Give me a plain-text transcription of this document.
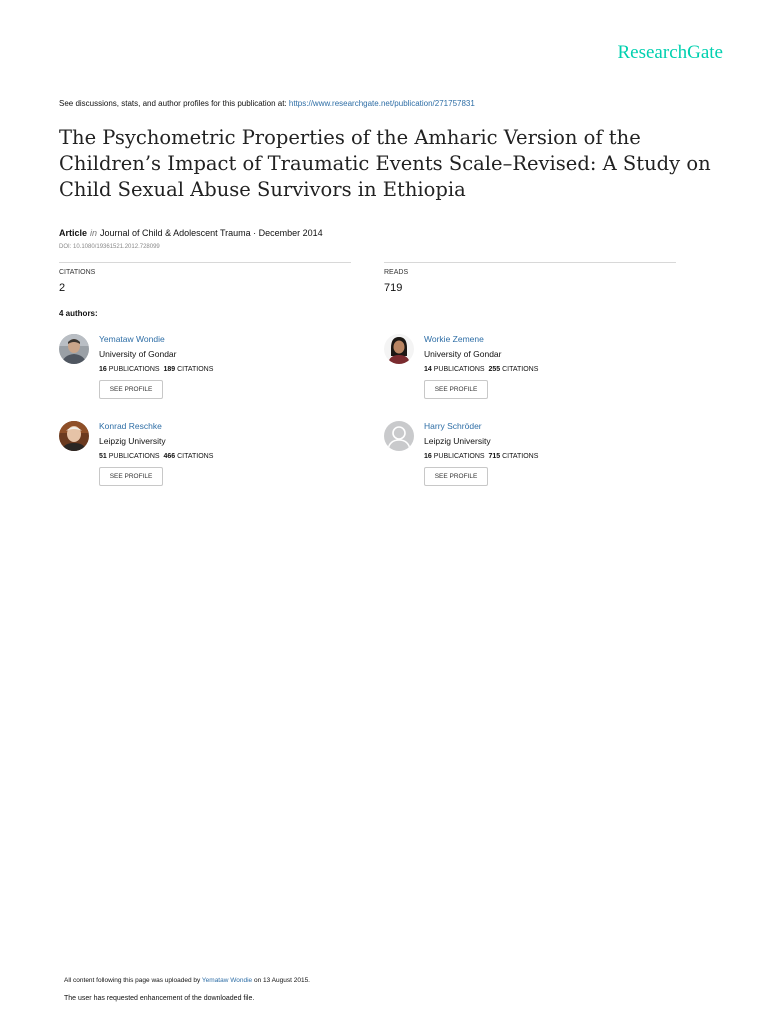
ResearchGate
See discussions, stats, and author profiles for this publication at: https://www.researchgate.net/publication/271757831
The Psychometric Properties of the Amharic Version of the Children’s Impact of Traumatic Events Scale–Revised: A Study on Child Sexual Abuse Survivors in Ethiopia
Article in Journal of Child & Adolescent Trauma · December 2014
DOI: 10.1080/19361521.2012.728099
CITATIONS
2
READS
719
4 authors:
Yemataw Wondie
University of Gondar
16 PUBLICATIONS 189 CITATIONS
SEE PROFILE
Workie Zemene
University of Gondar
14 PUBLICATIONS 255 CITATIONS
SEE PROFILE
Konrad Reschke
Leipzig University
51 PUBLICATIONS 466 CITATIONS
SEE PROFILE
Harry Schröder
Leipzig University
16 PUBLICATIONS 715 CITATIONS
SEE PROFILE
All content following this page was uploaded by Yemataw Wondie on 13 August 2015.
The user has requested enhancement of the downloaded file.
